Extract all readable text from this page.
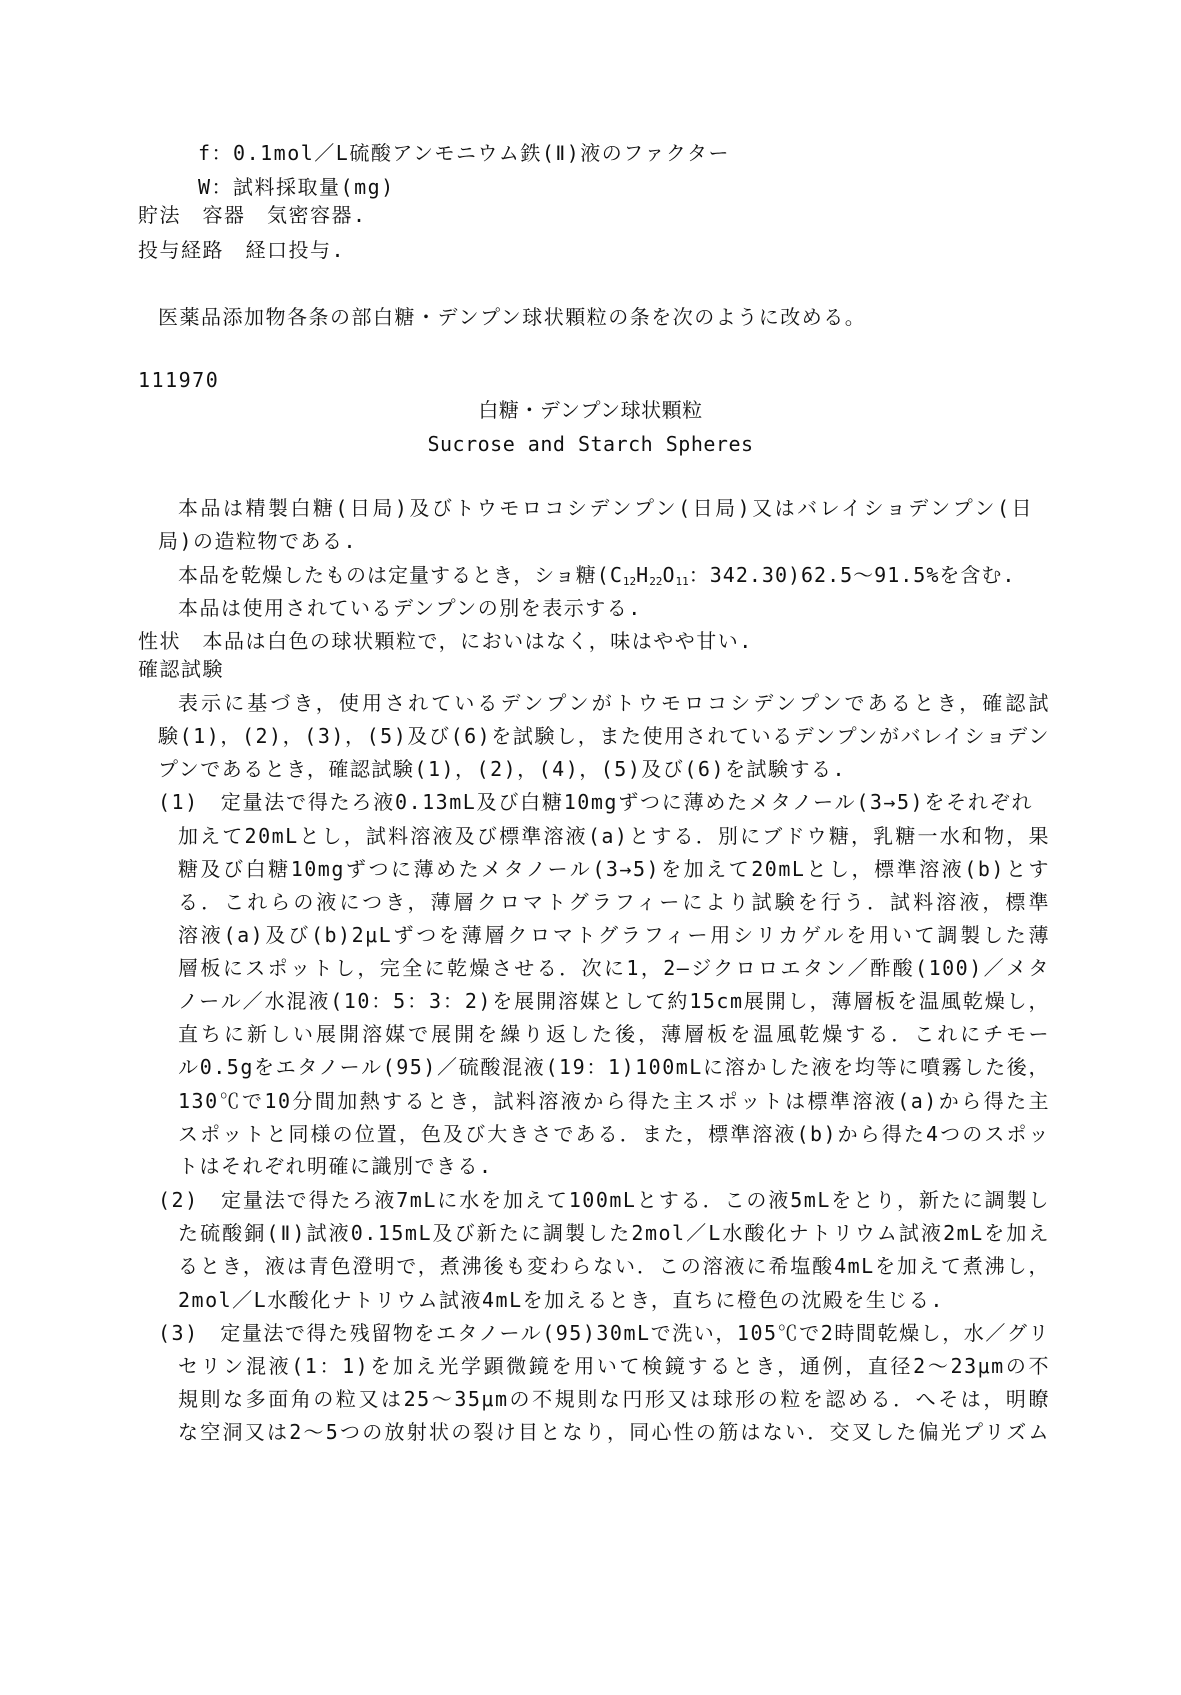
f：0.1mol／L硫酸アンモニウム鉄(Ⅱ)液のファクター
W：試料採取量(mg)
貯法　容器　気密容器.
投与経路　経口投与.
医薬品添加物各条の部白糖・デンプン球状顆粒の条を次のように改める。
111970
白糖・デンプン球状顆粒
Sucrose and Starch Spheres
本品は精製白糖(日局)及びトウモロコシデンプン(日局)又はバレイショデンプン(日
局)の造粒物である.
本品を乾燥したものは定量するとき，ショ糖($C_{12}H_{22}O_{11}$：342.30)62.5～91.5%を含む.
本品は使用されているデンプンの別を表示する.
性状　本品は白色の球状顆粒で，においはなく，味はやや甘い.
確認試験
表示に基づき，使用されているデンプンがトウモロコシデンプンであるとき，確認試
験(1)，(2)，(3)，(5)及び(6)を試験し，また使用されているデンプンがバレイショデン
プンであるとき，確認試験(1)，(2)，(4)，(5)及び(6)を試験する.
(1)　定量法で得たろ液0.13mL及び白糖10mgずつに薄めたメタノール(3→5)をそれぞれ
加えて20mLとし，試料溶液及び標準溶液(a)とする．別にブドウ糖，乳糖一水和物，果
糖及び白糖10mgずつに薄めたメタノール(3→5)を加えて20mLとし，標準溶液(b)とす
る．これらの液につき，薄層クロマトグラフィーにより試験を行う．試料溶液，標準
溶液(a)及び(b)2μLずつを薄層クロマトグラフィー用シリカゲルを用いて調製した薄
層板にスポットし，完全に乾燥させる．次に1，2―ジクロロエタン／酢酸(100)／メタ
ノール／水混液(10：5：3：2)を展開溶媒として約15cm展開し，薄層板を温風乾燥し，
直ちに新しい展開溶媒で展開を繰り返した後，薄層板を温風乾燥する．これにチモー
ル0.5gをエタノール(95)／硫酸混液(19：1)100mLに溶かした液を均等に噴霧した後，
130℃で10分間加熱するとき，試料溶液から得た主スポットは標準溶液(a)から得た主
スポットと同様の位置，色及び大きさである．また，標準溶液(b)から得た4つのスポッ
トはそれぞれ明確に識別できる.
(2)　定量法で得たろ液7mLに水を加えて100mLとする．この液5mLをとり，新たに調製し
た硫酸銅(Ⅱ)試液0.15mL及び新たに調製した2mol／L水酸化ナトリウム試液2mLを加え
るとき，液は青色澄明で，煮沸後も変わらない．この溶液に希塩酸4mLを加えて煮沸し，
2mol／L水酸化ナトリウム試液4mLを加えるとき，直ちに橙色の沈殿を生じる.
(3)　定量法で得た残留物をエタノール(95)30mLで洗い，105℃で2時間乾燥し，水／グリ
セリン混液(1：1)を加え光学顕微鏡を用いて検鏡するとき，通例，直径2～23μmの不
規則な多面角の粒又は25～35μmの不規則な円形又は球形の粒を認める．へそは，明瞭
な空洞又は2～5つの放射状の裂け目となり，同心性の筋はない．交叉した偏光プリズム
